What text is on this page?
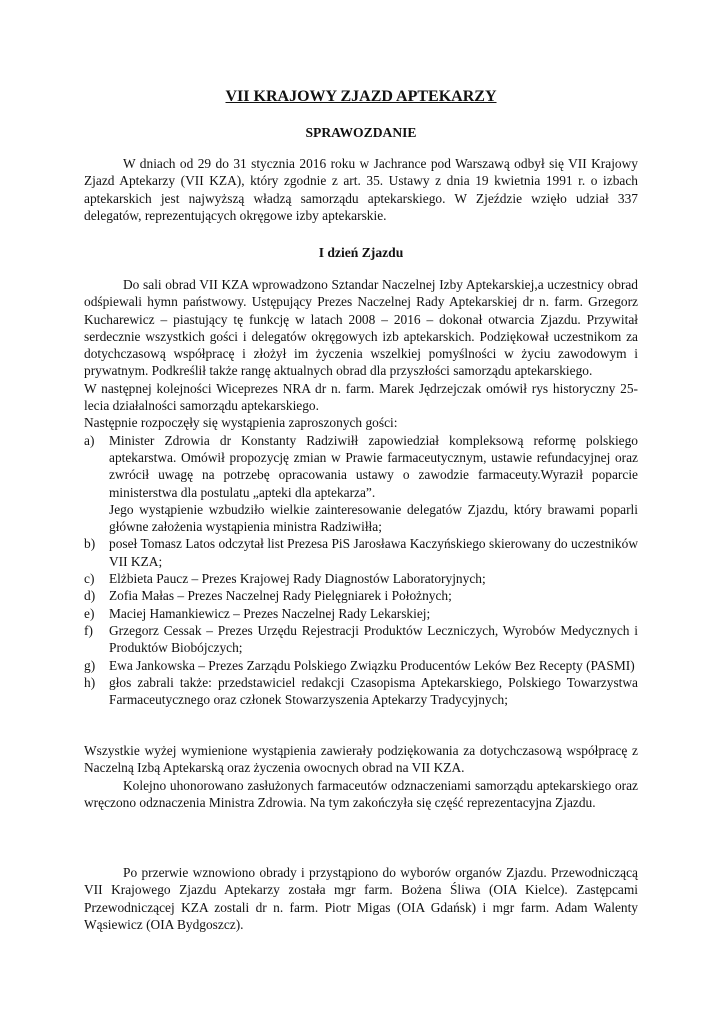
VII KRAJOWY ZJAZD APTEKARZY
SPRAWOZDANIE

W dniach od 29 do 31 stycznia 2016 roku w Jachrance pod Warszawą odbył się VII Krajowy Zjazd Aptekarzy (VII KZA), który zgodnie z art. 35. Ustawy z dnia 19 kwietnia 1991 r. o izbach aptekarskich jest najwyższą władzą samorządu aptekarskiego. W Zjeździe wzięło udział 337 delegatów, reprezentujących okręgowe izby aptekarskie.

I dzień Zjazdu

Do sali obrad VII KZA wprowadzono Sztandar Naczelnej Izby Aptekarskiej,a uczestnicy obrad odśpiewali hymn państwowy. Ustępujący Prezes Naczelnej Rady Aptekarskiej dr n. farm. Grzegorz Kucharewicz – piastujący tę funkcję w latach 2008 – 2016 – dokonał otwarcia Zjazdu. Przywitał serdecznie wszystkich gości i delegatów okręgowych izb aptekarskich. Podziękował uczestnikom za dotychczasową współpracę i złożył im życzenia wszelkiej pomyślności w życiu zawodowym i prywatnym. Podkreślił także rangę aktualnych obrad dla przyszłości samorządu aptekarskiego.

W następnej kolejności Wiceprezes NRA dr n. farm. Marek Jędrzejczak omówił rys historyczny 25-lecia działalności samorządu aptekarskiego.

Następnie rozpoczęły się wystąpienia zaproszonych gości:

a) Minister Zdrowia dr Konstanty Radziwiłł zapowiedział kompleksową reformę polskiego aptekarstwa. Omówił propozycję zmian w Prawie farmaceutycznym, ustawie refundacyjnej oraz zwrócił uwagę na potrzebę opracowania ustawy o zawodzie farmaceuty.Wyraził poparcie ministerstwa dla postulatu „apteki dla aptekarza”.
Jego wystąpienie wzbudziło wielkie zainteresowanie delegatów Zjazdu, który brawami poparli główne założenia wystąpienia ministra Radziwiłła;
b) poseł Tomasz Latos odczytał list Prezesa PiS Jarosława Kaczyńskiego skierowany do uczestników VII KZA;
c) Elżbieta Paucz – Prezes Krajowej Rady Diagnostów Laboratoryjnych;
d) Zofia Małas – Prezes Naczelnej Rady Pielęgniarek i Położnych;
e) Maciej Hamankiewicz – Prezes Naczelnej Rady Lekarskiej;
f) Grzegorz Cessak – Prezes Urzędu Rejestracji Produktów Leczniczych, Wyrobów Medycznych i Produktów Biobójczych;
g) Ewa Jankowska – Prezes Zarządu Polskiego Związku Producentów Leków Bez Recepty (PASMI)
h) głos zabrali także: przedstawiciel redakcji Czasopisma Aptekarskiego, Polskiego Towarzystwa Farmaceutycznego oraz członek Stowarzyszenia Aptekarzy Tradycyjnych;

Wszystkie wyżej wymienione wystąpienia zawierały podziękowania za dotychczasową współpracę z Naczelną Izbą Aptekarską oraz życzenia owocnych obrad na VII KZA.

Kolejno uhonorowano zasłużonych farmaceutów odznaczeniami samorządu aptekarskiego oraz wręczono odznaczenia Ministra Zdrowia. Na tym zakończyła się część reprezentacyjna Zjazdu.

Po przerwie wznowiono obrady i przystąpiono do wyborów organów Zjazdu. Przewodniczącą VII Krajowego Zjazdu Aptekarzy została mgr farm. Bożena Śliwa (OIA Kielce). Zastępcami Przewodniczącej KZA zostali dr n. farm. Piotr Migas (OIA Gdańsk) i mgr farm. Adam Walenty Wąsiewicz (OIA Bydgoszcz).
